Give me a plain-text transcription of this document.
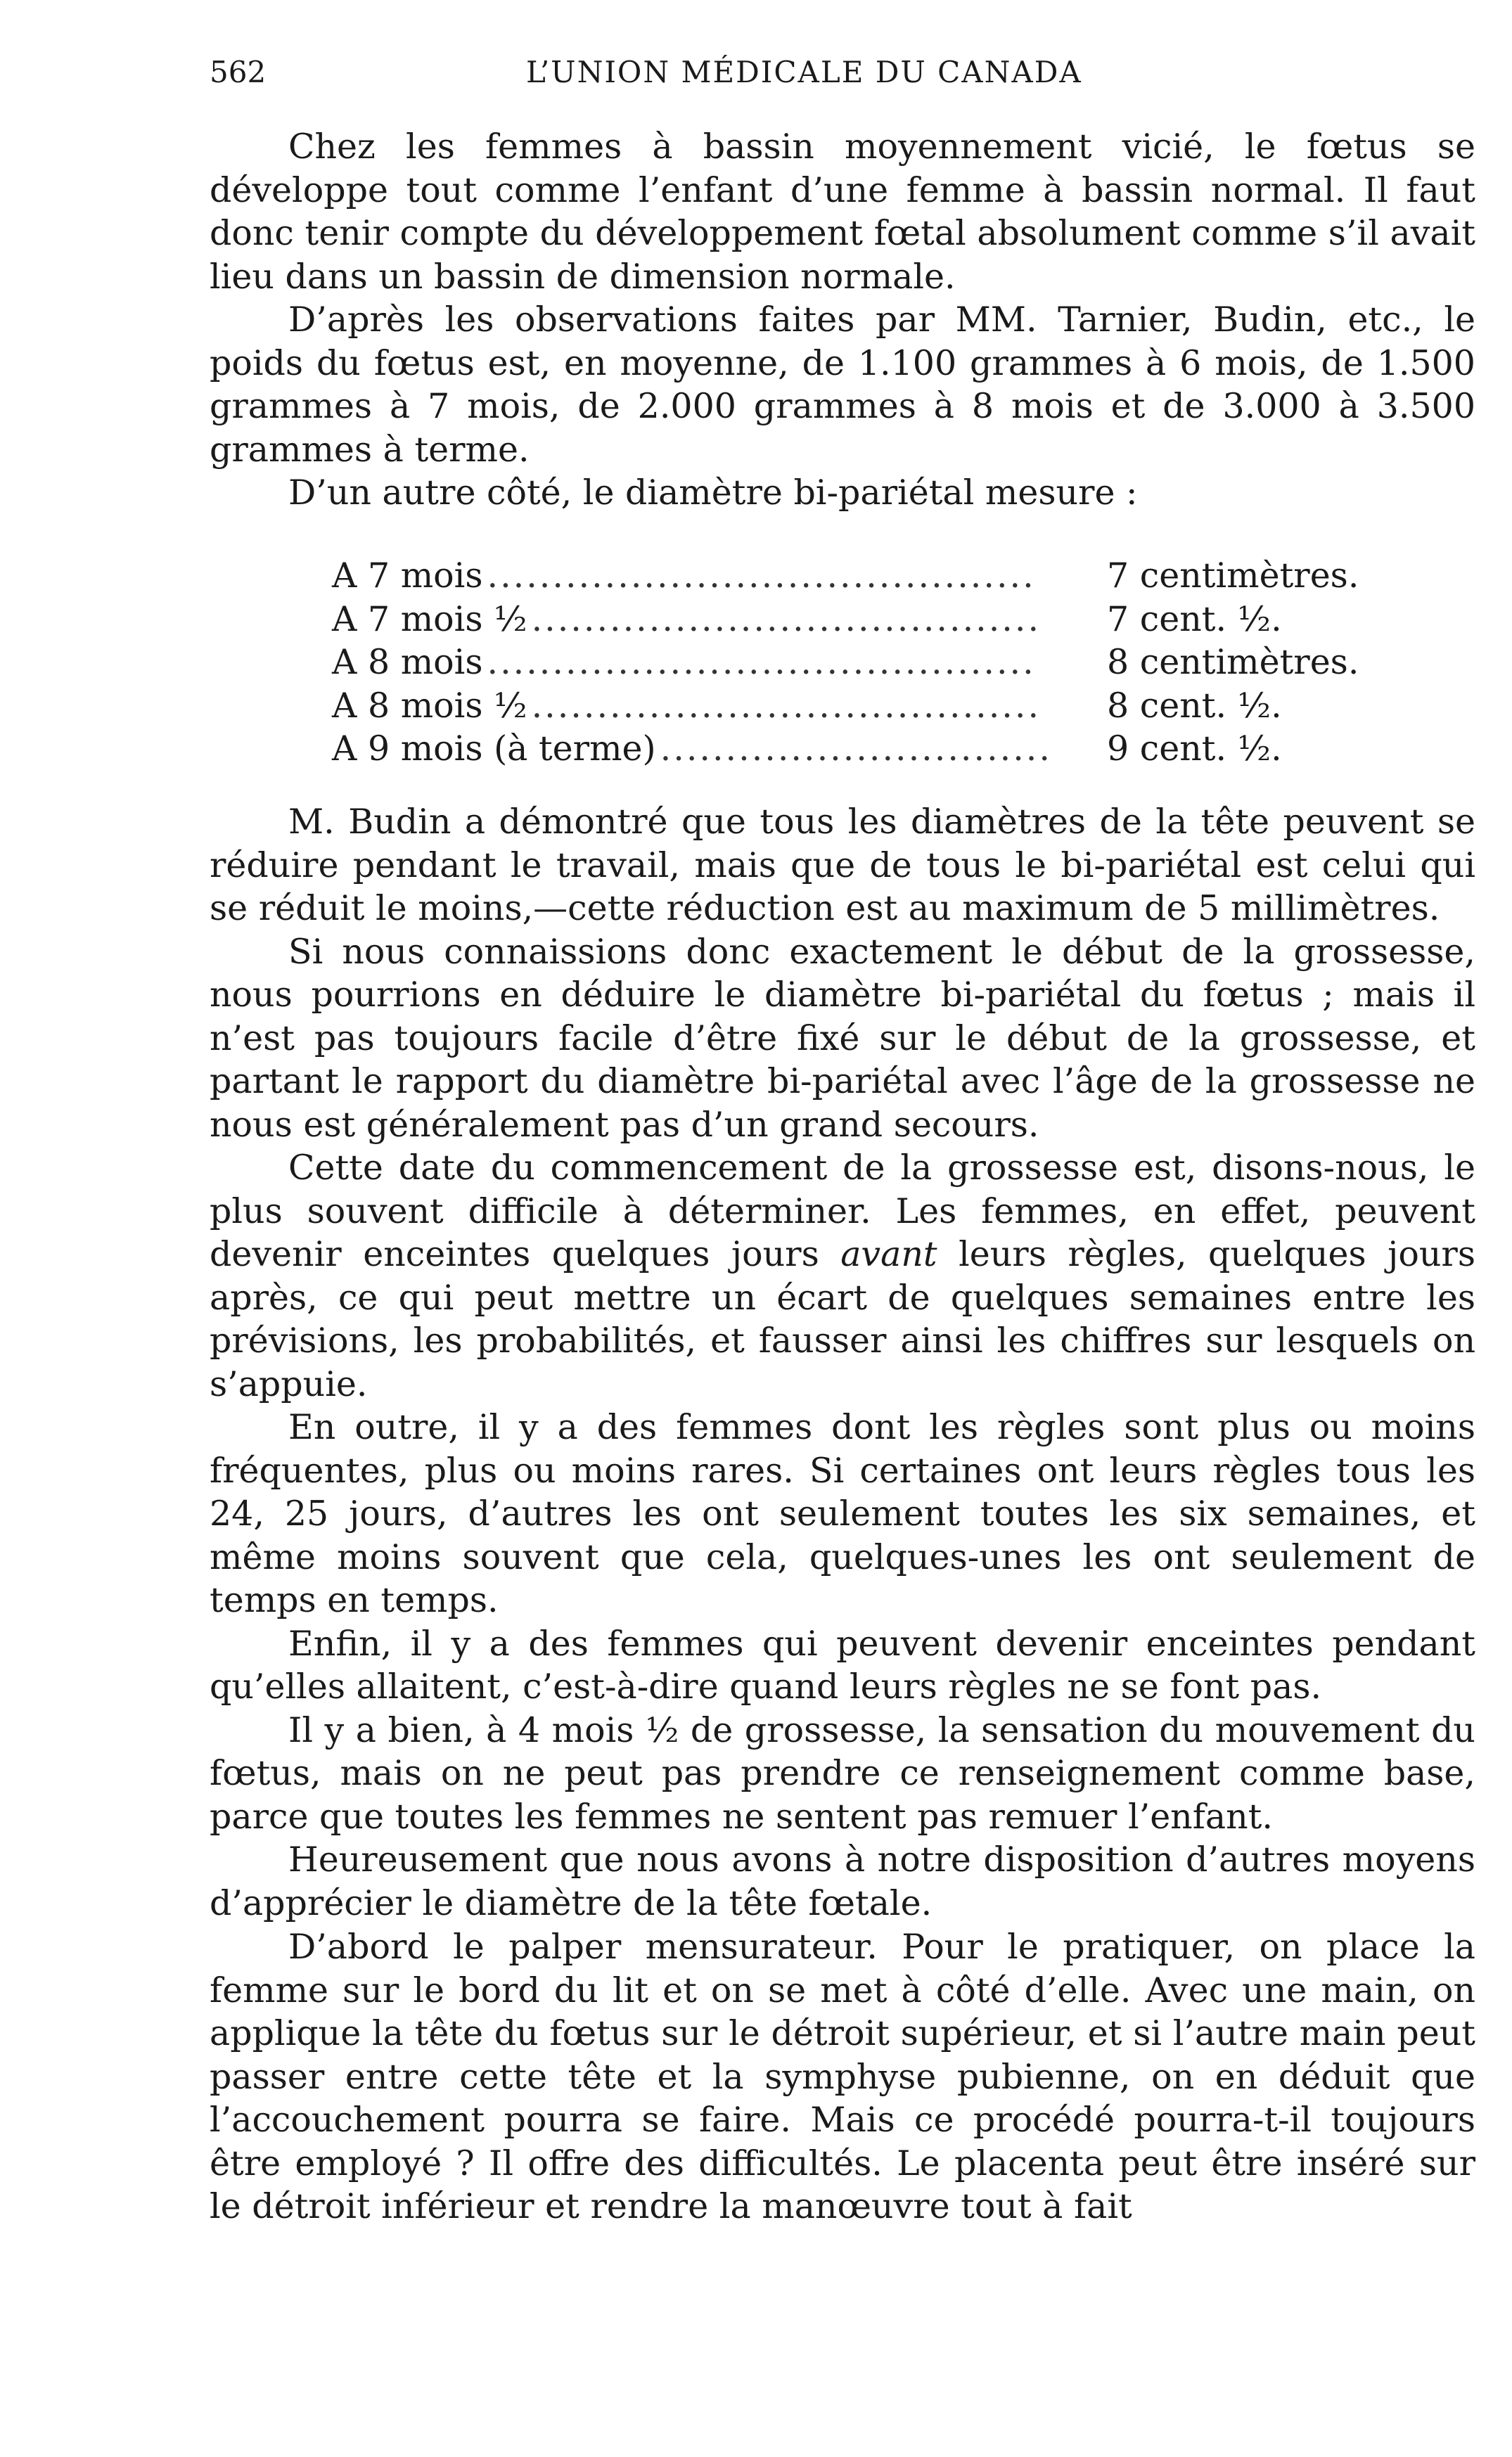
562	L’UNION MÉDICALE DU CANADA

Chez les femmes à bassin moyennement vicié, le fœtus se développe tout comme l’enfant d’une femme à bassin normal. Il faut donc tenir compte du développement fœtal absolument comme s’il avait lieu dans un bassin de dimension normale.

D’après les observations faites par MM. Tarnier, Budin, etc., le poids du fœtus est, en moyenne, de 1.100 grammes à 6 mois, de 1.500 grammes à 7 mois, de 2.000 grammes à 8 mois et de 3.000 à 3.500 grammes à terme.

D’un autre côté, le diamètre bi-pariétal mesure :

A 7 mois ..........................................	7 centimètres.
A 7 mois ½ .......................................	7 cent. ½.
A 8 mois ..........................................	8 centimètres.
A 8 mois ½ .......................................	8 cent. ½.
A 9 mois (à terme) ..............................	9 cent. ½.

M. Budin a démontré que tous les diamètres de la tête peuvent se réduire pendant le travail, mais que de tous le bi-pariétal est celui qui se réduit le moins,—cette réduction est au maximum de 5 millimètres.

Si nous connaissions donc exactement le début de la grossesse, nous pourrions en déduire le diamètre bi-pariétal du fœtus ; mais il n’est pas toujours facile d’être fixé sur le début de la grossesse, et partant le rapport du diamètre bi-pariétal avec l’âge de la grossesse ne nous est généralement pas d’un grand secours.

Cette date du commencement de la grossesse est, disons-nous, le plus souvent difficile à déterminer. Les femmes, en effet, peuvent devenir enceintes quelques jours avant leurs règles, quelques jours après, ce qui peut mettre un écart de quelques semaines entre les prévisions, les probabilités, et fausser ainsi les chiffres sur lesquels on s’appuie.

En outre, il y a des femmes dont les règles sont plus ou moins fréquentes, plus ou moins rares. Si certaines ont leurs règles tous les 24, 25 jours, d’autres les ont seulement toutes les six semaines, et même moins souvent que cela, quelques-unes les ont seulement de temps en temps.

Enfin, il y a des femmes qui peuvent devenir enceintes pendant qu’elles allaitent, c’est-à-dire quand leurs règles ne se font pas.

Il y a bien, à 4 mois ½ de grossesse, la sensation du mouvement du fœtus, mais on ne peut pas prendre ce renseignement comme base, parce que toutes les femmes ne sentent pas remuer l’enfant.

Heureusement que nous avons à notre disposition d’autres moyens d’apprécier le diamètre de la tête fœtale.

D’abord le palper mensurateur. Pour le pratiquer, on place la femme sur le bord du lit et on se met à côté d’elle. Avec une main, on applique la tête du fœtus sur le détroit supérieur, et si l’autre main peut passer entre cette tête et la symphyse pubienne, on en déduit que l’accouchement pourra se faire. Mais ce procédé pourra-t-il toujours être employé ? Il offre des difficultés. Le placenta peut être inséré sur le détroit inférieur et rendre la manœuvre tout à fait
